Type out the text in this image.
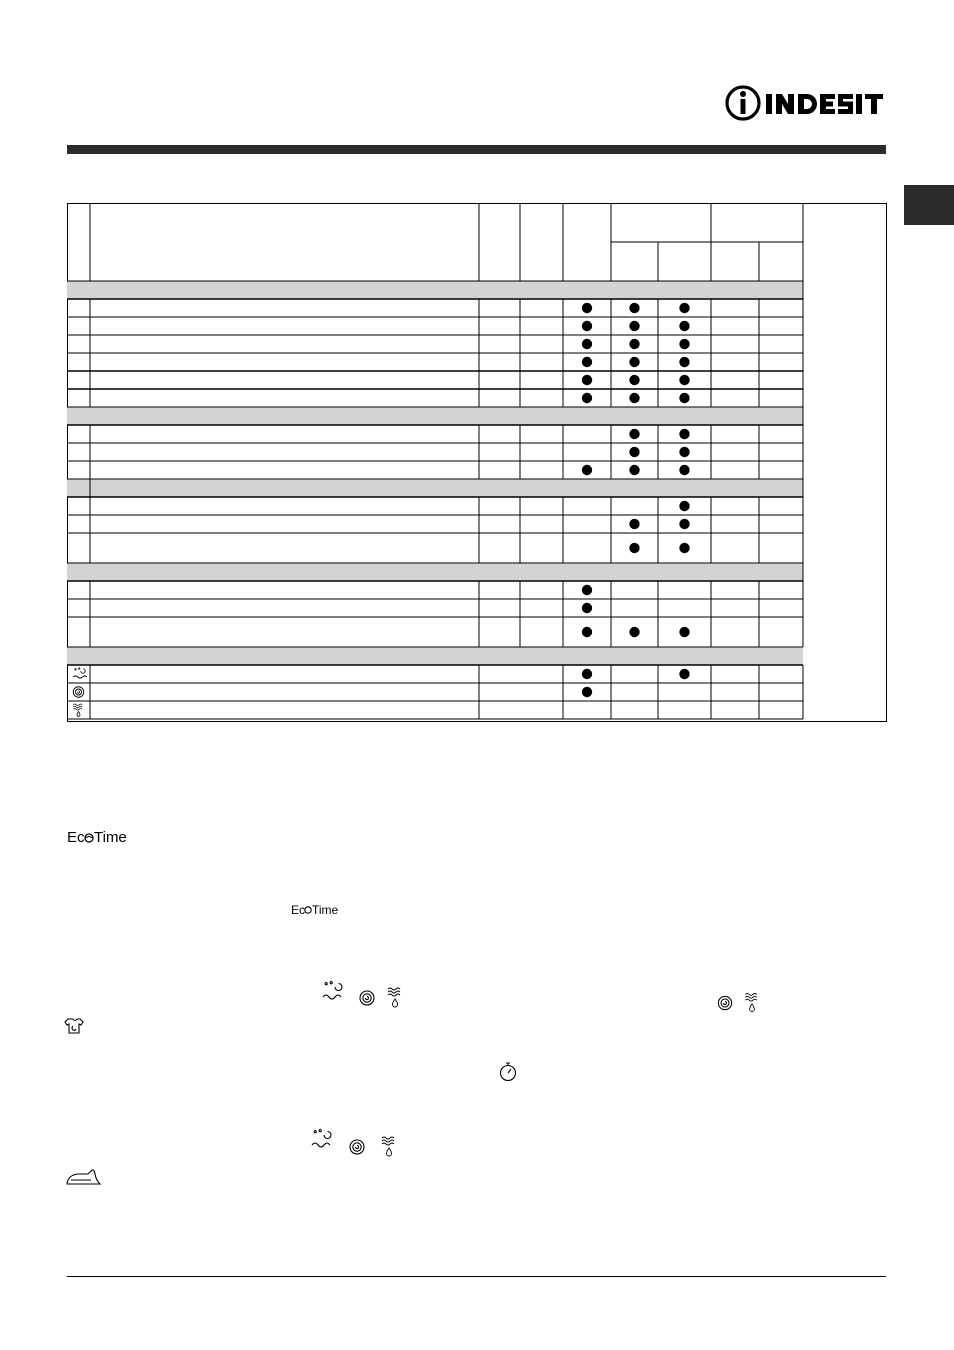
Ec Time
Ec Time
